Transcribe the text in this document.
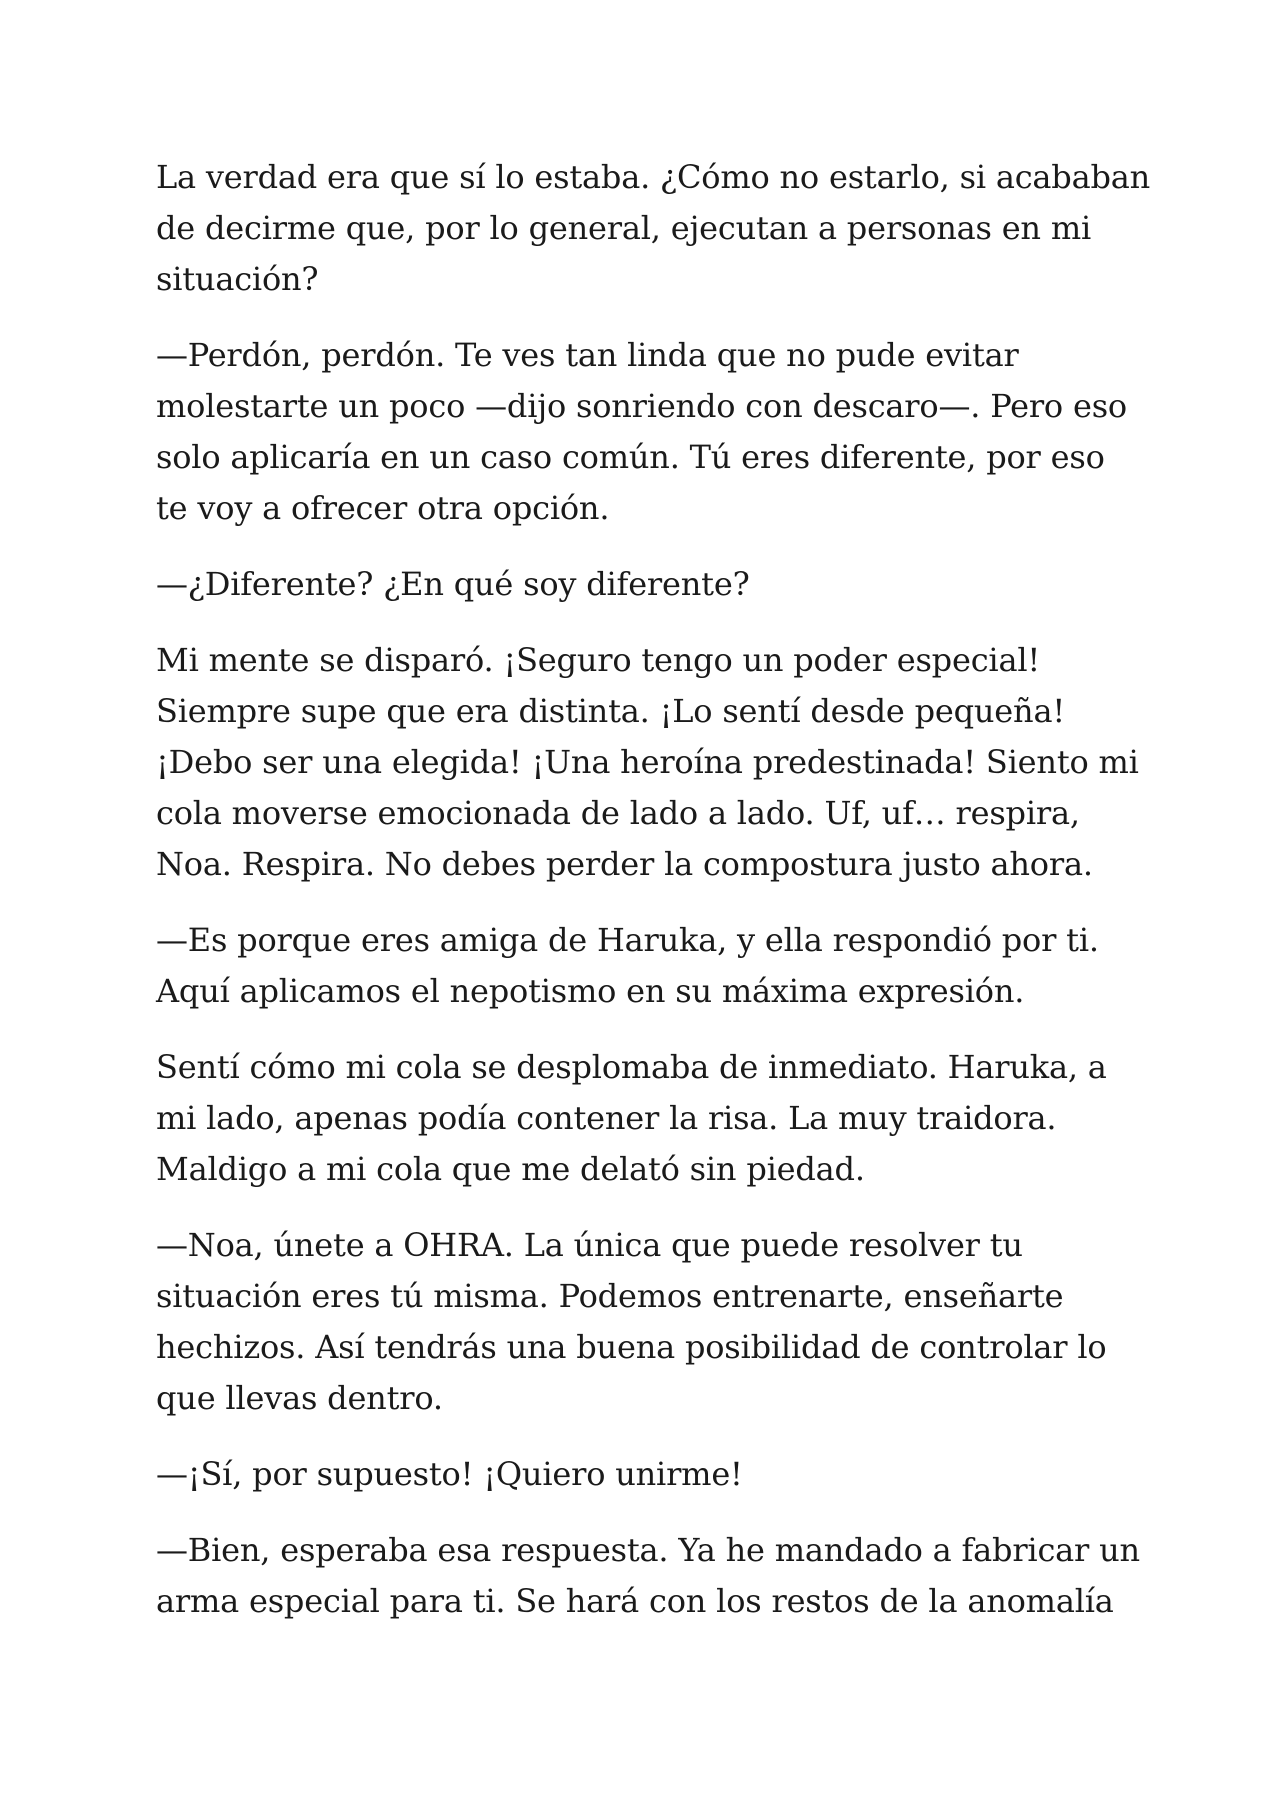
La verdad era que sí lo estaba. ¿Cómo no estarlo, si acababan
de decirme que, por lo general, ejecutan a personas en mi
situación?

—Perdón, perdón. Te ves tan linda que no pude evitar
molestarte un poco —dijo sonriendo con descaro—. Pero eso
solo aplicaría en un caso común. Tú eres diferente, por eso
te voy a ofrecer otra opción.

—¿Diferente? ¿En qué soy diferente?

Mi mente se disparó. ¡Seguro tengo un poder especial!
Siempre supe que era distinta. ¡Lo sentí desde pequeña!
¡Debo ser una elegida! ¡Una heroína predestinada! Siento mi
cola moverse emocionada de lado a lado. Uf, uf… respira,
Noa. Respira. No debes perder la compostura justo ahora.

—Es porque eres amiga de Haruka, y ella respondió por ti.
Aquí aplicamos el nepotismo en su máxima expresión.

Sentí cómo mi cola se desplomaba de inmediato. Haruka, a
mi lado, apenas podía contener la risa. La muy traidora.
Maldigo a mi cola que me delató sin piedad.

—Noa, únete a OHRA. La única que puede resolver tu
situación eres tú misma. Podemos entrenarte, enseñarte
hechizos. Así tendrás una buena posibilidad de controlar lo
que llevas dentro.

—¡Sí, por supuesto! ¡Quiero unirme!

—Bien, esperaba esa respuesta. Ya he mandado a fabricar un
arma especial para ti. Se hará con los restos de la anomalía
